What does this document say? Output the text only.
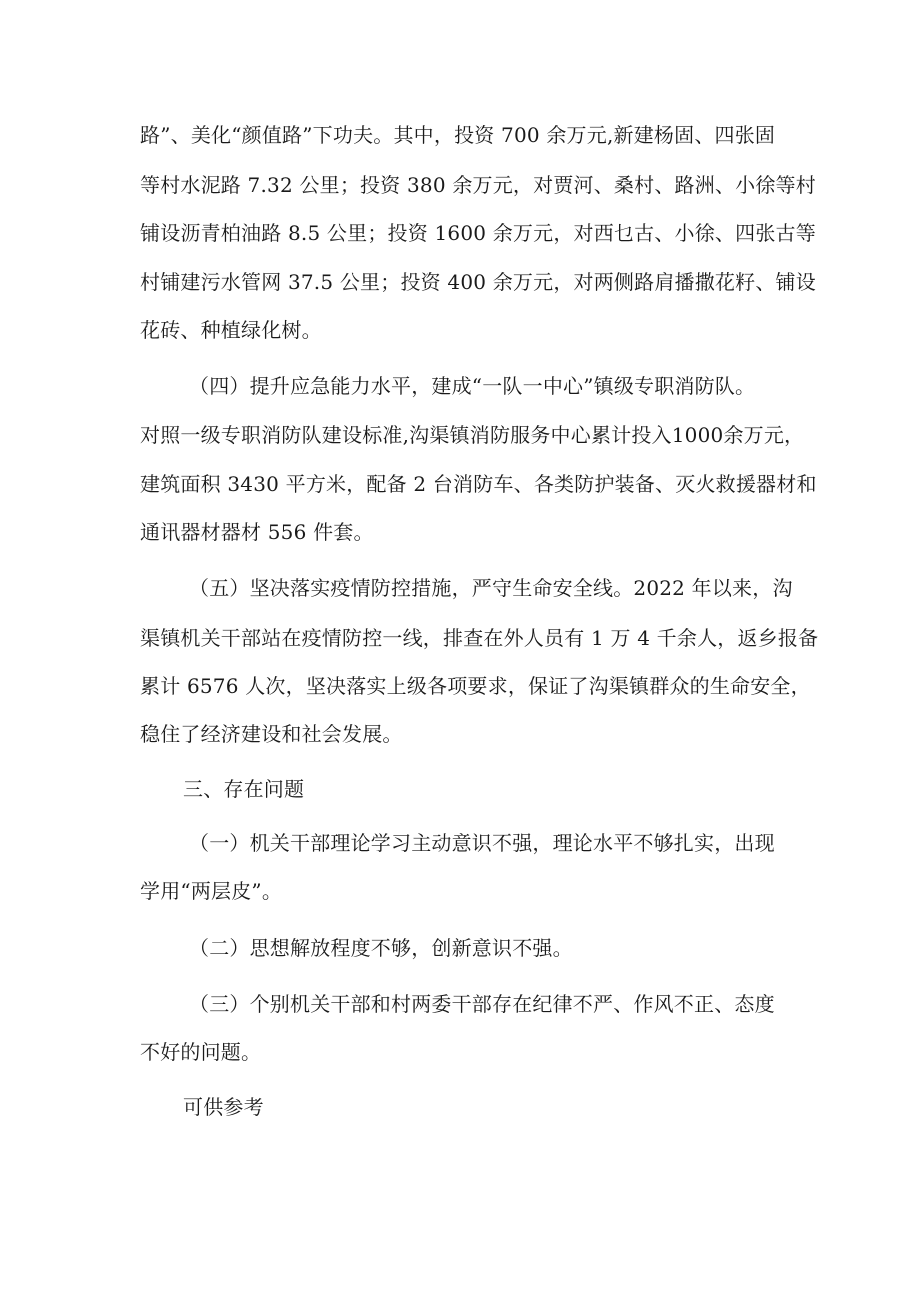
路”、美化“颜值路”下功夫。其中，投资 700 余万元,新建杨固、四张固

等村水泥路 7.32 公里；投资 380 余万元，对贾河、桑村、路洲、小徐等村

铺设沥青柏油路 8.5 公里；投资 1600 余万元，对西乜古、小徐、四张古等

村铺建污水管网 37.5 公里；投资 400 余万元，对两侧路肩播撒花籽、铺设

花砖、种植绿化树。

（四）提升应急能力水平，建成“一队一中心”镇级专职消防队。

对照一级专职消防队建设标准,沟渠镇消防服务中心累计投入1000余万元，

建筑面积 3430 平方米，配备 2 台消防车、各类防护装备、灭火救援器材和

通讯器材器材 556 件套。

（五）坚决落实疫情防控措施，严守生命安全线。2022 年以来，沟

渠镇机关干部站在疫情防控一线，排查在外人员有 1 万 4 千余人，返乡报备

累计 6576 人次，坚决落实上级各项要求，保证了沟渠镇群众的生命安全，

稳住了经济建设和社会发展。

三、存在问题

（一）机关干部理论学习主动意识不强，理论水平不够扎实，出现

学用“两层皮”。

（二）思想解放程度不够，创新意识不强。

（三）个别机关干部和村两委干部存在纪律不严、作风不正、态度

不好的问题。

可供参考
